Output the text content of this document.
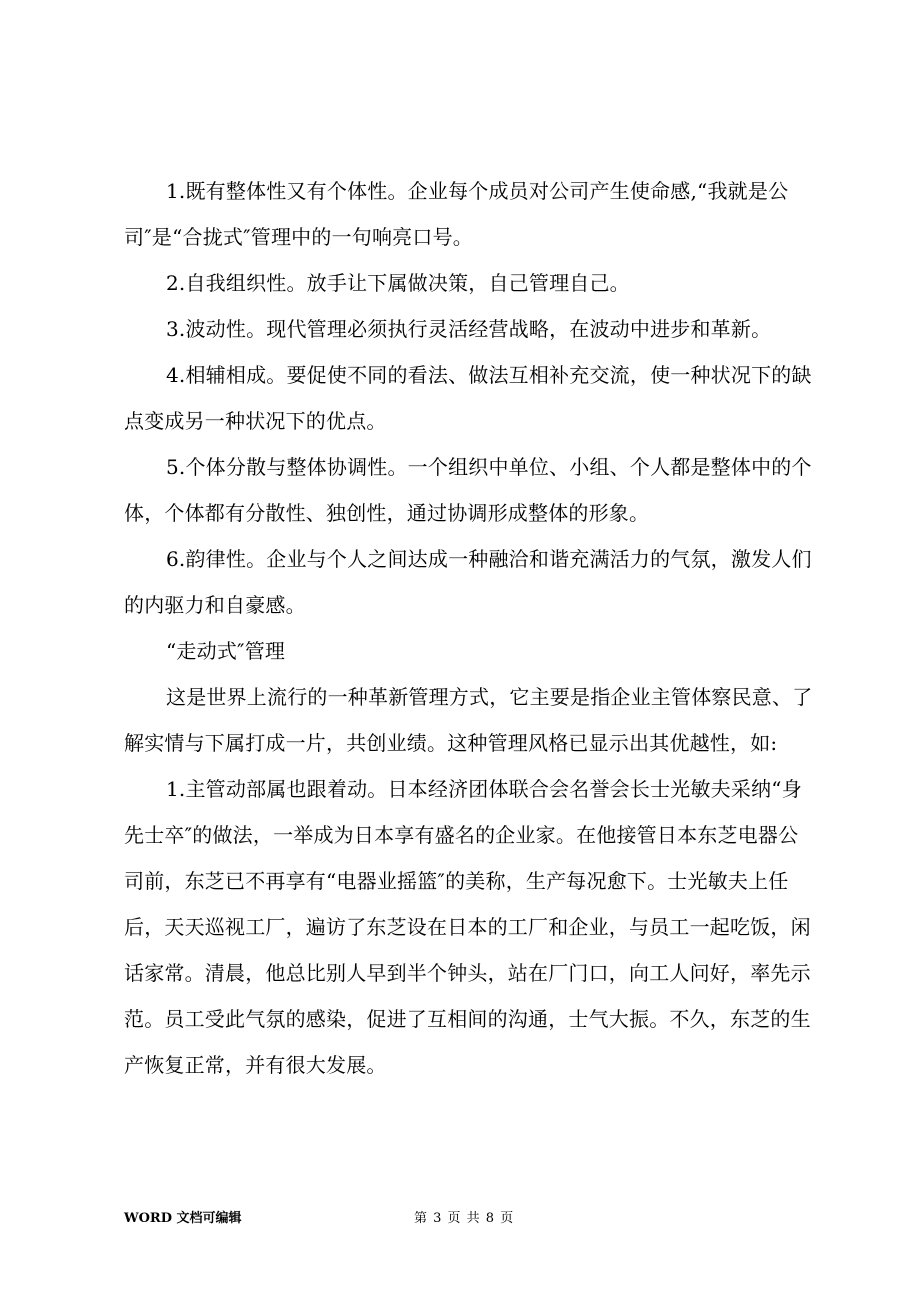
1.既有整体性又有个体性。企业每个成员对公司产生使命感,“我就是公司″是“合拢式″管理中的一句响亮口号。

2.自我组织性。放手让下属做决策，自己管理自己。

3.波动性。现代管理必须执行灵活经营战略，在波动中进步和革新。

4.相辅相成。要促使不同的看法、做法互相补充交流，使一种状况下的缺点变成另一种状况下的优点。

5.个体分散与整体协调性。一个组织中单位、小组、个人都是整体中的个体，个体都有分散性、独创性，通过协调形成整体的形象。

6.韵律性。企业与个人之间达成一种融洽和谐充满活力的气氛，激发人们的内驱力和自豪感。

“走动式″管理

这是世界上流行的一种革新管理方式，它主要是指企业主管体察民意、了解实情与下属打成一片，共创业绩。这种管理风格已显示出其优越性，如:

1.主管动部属也跟着动。日本经济团体联合会名誉会长士光敏夫采纳“身先士卒″的做法，一举成为日本享有盛名的企业家。在他接管日本东芝电器公司前，东芝已不再享有“电器业摇篮″的美称，生产每况愈下。士光敏夫上任后，天天巡视工厂，遍访了东芝设在日本的工厂和企业，与员工一起吃饭，闲话家常。清晨，他总比别人早到半个钟头，站在厂门口，向工人问好，率先示范。员工受此气氛的感染，促进了互相间的沟通，士气大振。不久，东芝的生产恢复正常，并有很大发展。

WORD 文档可编辑	第 3 页 共 8 页
